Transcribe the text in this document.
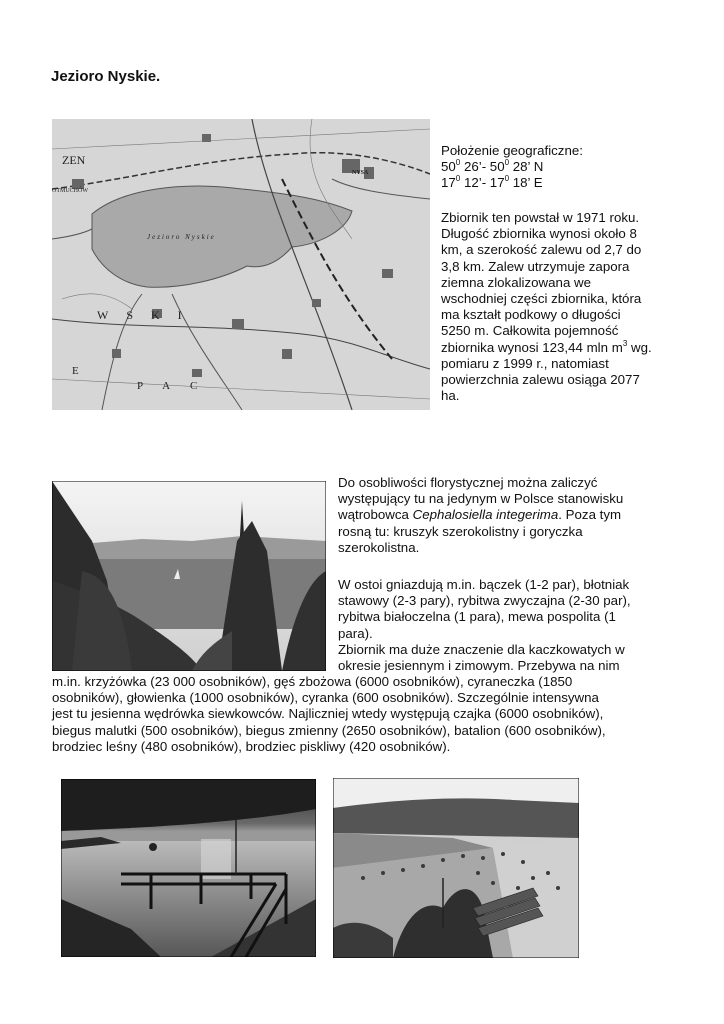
Jezioro Nyskie.
ZEN
OTMUCHÓW
Jezioro Nyskie
NYSA
WSKI
PAC
E
Położenie geograficzne:
$50^0$ 26’- $50^0$ 28’ N
$17^0$ 12’- $17^0$ 18’ E
Zbiornik ten powstał w 1971 roku.
Długość zbiornika wynosi około 8
km, a szerokość zalewu od 2,7 do
3,8 km. Zalew utrzymuje zapora
ziemna zlokalizowana we
wschodniej części zbiornika, która
ma kształt podkowy o długości
5250 m. Całkowita pojemność
zbiornika wynosi 123,44 mln $m^3$ wg.
pomiaru z 1999 r., natomiast
powierzchnia zalewu osiąga 2077
ha.
Do osobliwości florystycznej można zaliczyć
występujący tu na jedynym w Polsce stanowisku
wątrobowca Cephalosiella integerima. Poza tym
rosną tu: kruszyk szerokolistny i goryczka
szerokolistna.
W ostoi gniazdują m.in. bączek (1-2 par), błotniak
stawowy (2-3 pary), rybitwa zwyczajna (2-30 par),
rybitwa białoczelna (1 para), mewa pospolita (1
para).
Zbiornik ma duże znaczenie dla kaczkowatych w
okresie jesiennym i zimowym. Przebywa na nim
m.in. krzyżówka (23 000 osobników), gęś zbożowa (6000 osobników), cyraneczka (1850
osobników), głowienka (1000 osobników), cyranka (600 osobników). Szczególnie intensywna
jest tu jesienna wędrówka siewkowców. Najliczniej wtedy występują czajka (6000 osobników),
biegus malutki (500 osobników), biegus zmienny (2650 osobników), batalion (600 osobników),
brodziec leśny (480 osobników), brodziec piskliwy (420 osobników).
